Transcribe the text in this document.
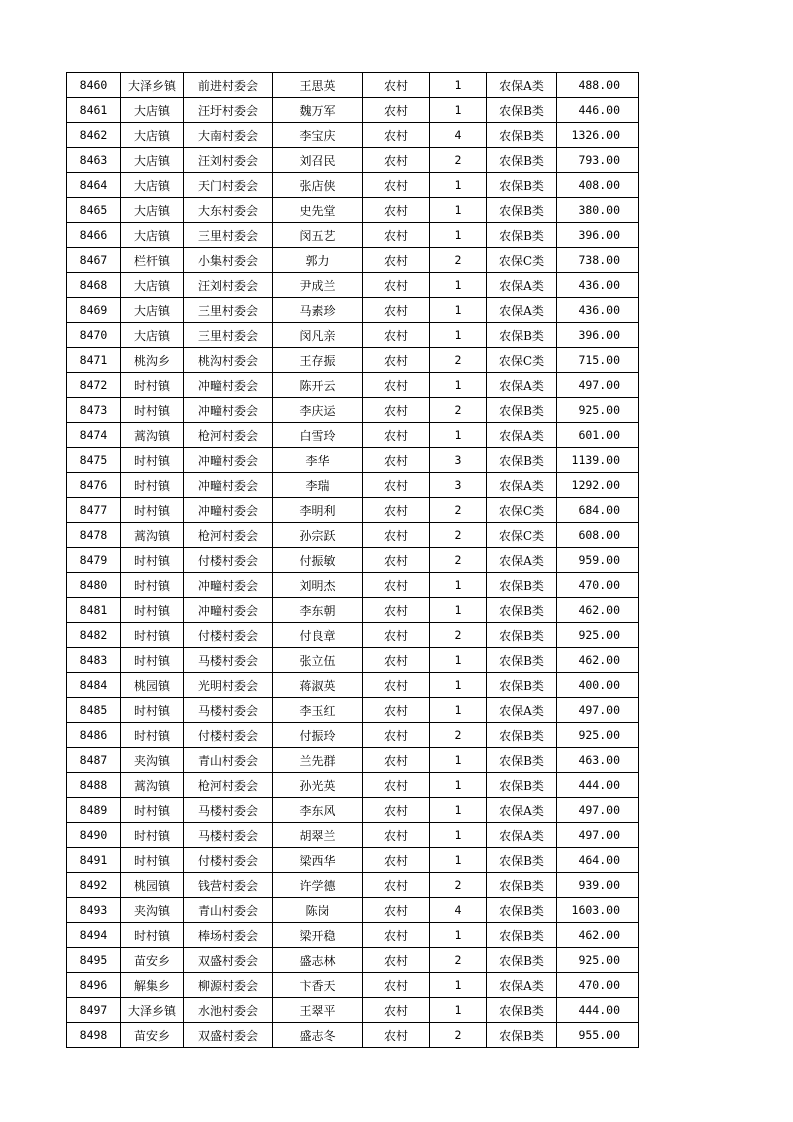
8460	大泽乡镇	前进村委会	王思英	农村	1	农保A类	488.00
8461	大店镇	汪圩村委会	魏万军	农村	1	农保B类	446.00
8462	大店镇	大南村委会	李宝庆	农村	4	农保B类	1326.00
8463	大店镇	汪刘村委会	刘召民	农村	2	农保B类	793.00
8464	大店镇	天门村委会	张店侠	农村	1	农保B类	408.00
8465	大店镇	大东村委会	史先堂	农村	1	农保B类	380.00
8466	大店镇	三里村委会	闵五艺	农村	1	农保B类	396.00
8467	栏杆镇	小集村委会	郭力	农村	2	农保C类	738.00
8468	大店镇	汪刘村委会	尹成兰	农村	1	农保A类	436.00
8469	大店镇	三里村委会	马素珍	农村	1	农保A类	436.00
8470	大店镇	三里村委会	闵凡亲	农村	1	农保B类	396.00
8471	桃沟乡	桃沟村委会	王存振	农村	2	农保C类	715.00
8472	时村镇	冲疃村委会	陈开云	农村	1	农保A类	497.00
8473	时村镇	冲疃村委会	李庆运	农村	2	农保B类	925.00
8474	蒿沟镇	枪河村委会	白雪玲	农村	1	农保A类	601.00
8475	时村镇	冲疃村委会	李华	农村	3	农保B类	1139.00
8476	时村镇	冲疃村委会	李瑞	农村	3	农保A类	1292.00
8477	时村镇	冲疃村委会	李明利	农村	2	农保C类	684.00
8478	蒿沟镇	枪河村委会	孙宗跃	农村	2	农保C类	608.00
8479	时村镇	付楼村委会	付振敏	农村	2	农保A类	959.00
8480	时村镇	冲疃村委会	刘明杰	农村	1	农保B类	470.00
8481	时村镇	冲疃村委会	李东朝	农村	1	农保B类	462.00
8482	时村镇	付楼村委会	付良章	农村	2	农保B类	925.00
8483	时村镇	马楼村委会	张立伍	农村	1	农保B类	462.00
8484	桃园镇	光明村委会	蒋淑英	农村	1	农保B类	400.00
8485	时村镇	马楼村委会	李玉红	农村	1	农保A类	497.00
8486	时村镇	付楼村委会	付振玲	农村	2	农保B类	925.00
8487	夹沟镇	青山村委会	兰先群	农村	1	农保B类	463.00
8488	蒿沟镇	枪河村委会	孙光英	农村	1	农保B类	444.00
8489	时村镇	马楼村委会	李东风	农村	1	农保A类	497.00
8490	时村镇	马楼村委会	胡翠兰	农村	1	农保A类	497.00
8491	时村镇	付楼村委会	梁西华	农村	1	农保B类	464.00
8492	桃园镇	钱营村委会	许学德	农村	2	农保B类	939.00
8493	夹沟镇	青山村委会	陈岗	农村	4	农保B类	1603.00
8494	时村镇	棒场村委会	梁开稳	农村	1	农保B类	462.00
8495	苗安乡	双盛村委会	盛志林	农村	2	农保B类	925.00
8496	解集乡	柳源村委会	卞香天	农村	1	农保A类	470.00
8497	大泽乡镇	水池村委会	王翠平	农村	1	农保B类	444.00
8498	苗安乡	双盛村委会	盛志冬	农村	2	农保B类	955.00
